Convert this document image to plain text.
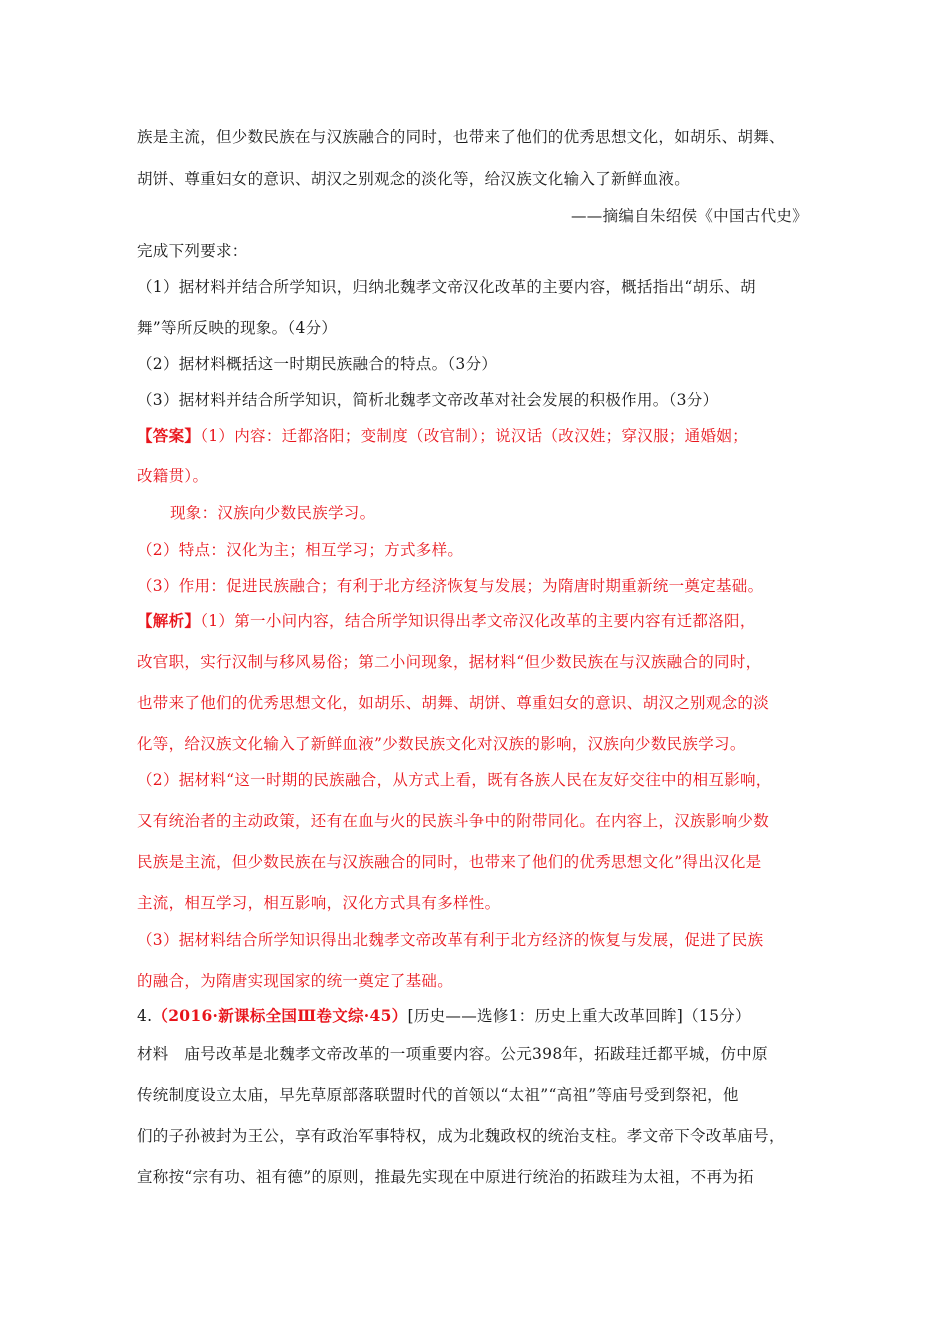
族是主流，但少数民族在与汉族融合的同时，也带来了他们的优秀思想文化，如胡乐、胡舞、
胡饼、尊重妇女的意识、胡汉之别观念的淡化等，给汉族文化输入了新鲜血液。
——摘编自朱绍侯《中国古代史》
完成下列要求：
（1）据材料并结合所学知识，归纳北魏孝文帝汉化改革的主要内容，概括指出“胡乐、胡
舞”等所反映的现象。（4分）
（2）据材料概括这一时期民族融合的特点。（3分）
（3）据材料并结合所学知识，简析北魏孝文帝改革对社会发展的积极作用。（3分）
【答案】（1）内容：迁都洛阳；变制度（改官制）；说汉话（改汉姓；穿汉服；通婚姻；
改籍贯）。
现象：汉族向少数民族学习。
（2）特点：汉化为主；相互学习；方式多样。
（3）作用：促进民族融合；有利于北方经济恢复与发展；为隋唐时期重新统一奠定基础。
【解析】（1）第一小问内容，结合所学知识得出孝文帝汉化改革的主要内容有迁都洛阳，
改官职，实行汉制与移风易俗；第二小问现象，据材料“但少数民族在与汉族融合的同时，
也带来了他们的优秀思想文化，如胡乐、胡舞、胡饼、尊重妇女的意识、胡汉之别观念的淡
化等，给汉族文化输入了新鲜血液”少数民族文化对汉族的影响，汉族向少数民族学习。
（2）据材料“这一时期的民族融合，从方式上看，既有各族人民在友好交往中的相互影响，
又有统治者的主动政策，还有在血与火的民族斗争中的附带同化。在内容上，汉族影响少数
民族是主流，但少数民族在与汉族融合的同时，也带来了他们的优秀思想文化”得出汉化是
主流，相互学习，相互影响，汉化方式具有多样性。
（3）据材料结合所学知识得出北魏孝文帝改革有利于北方经济的恢复与发展，促进了民族
的融合，为隋唐实现国家的统一奠定了基础。
4.（2016·新课标全国Ⅲ卷文综·45）[历史——选修1：历史上重大改革回眸]（15分）
材料　庙号改革是北魏孝文帝改革的一项重要内容。公元398年，拓跋珪迁都平城，仿中原
传统制度设立太庙，早先草原部落联盟时代的首领以“太祖”“高祖”等庙号受到祭祀，他
们的子孙被封为王公，享有政治军事特权，成为北魏政权的统治支柱。孝文帝下令改革庙号，
宣称按“宗有功、祖有德”的原则，推最先实现在中原进行统治的拓跋珪为太祖，不再为拓
